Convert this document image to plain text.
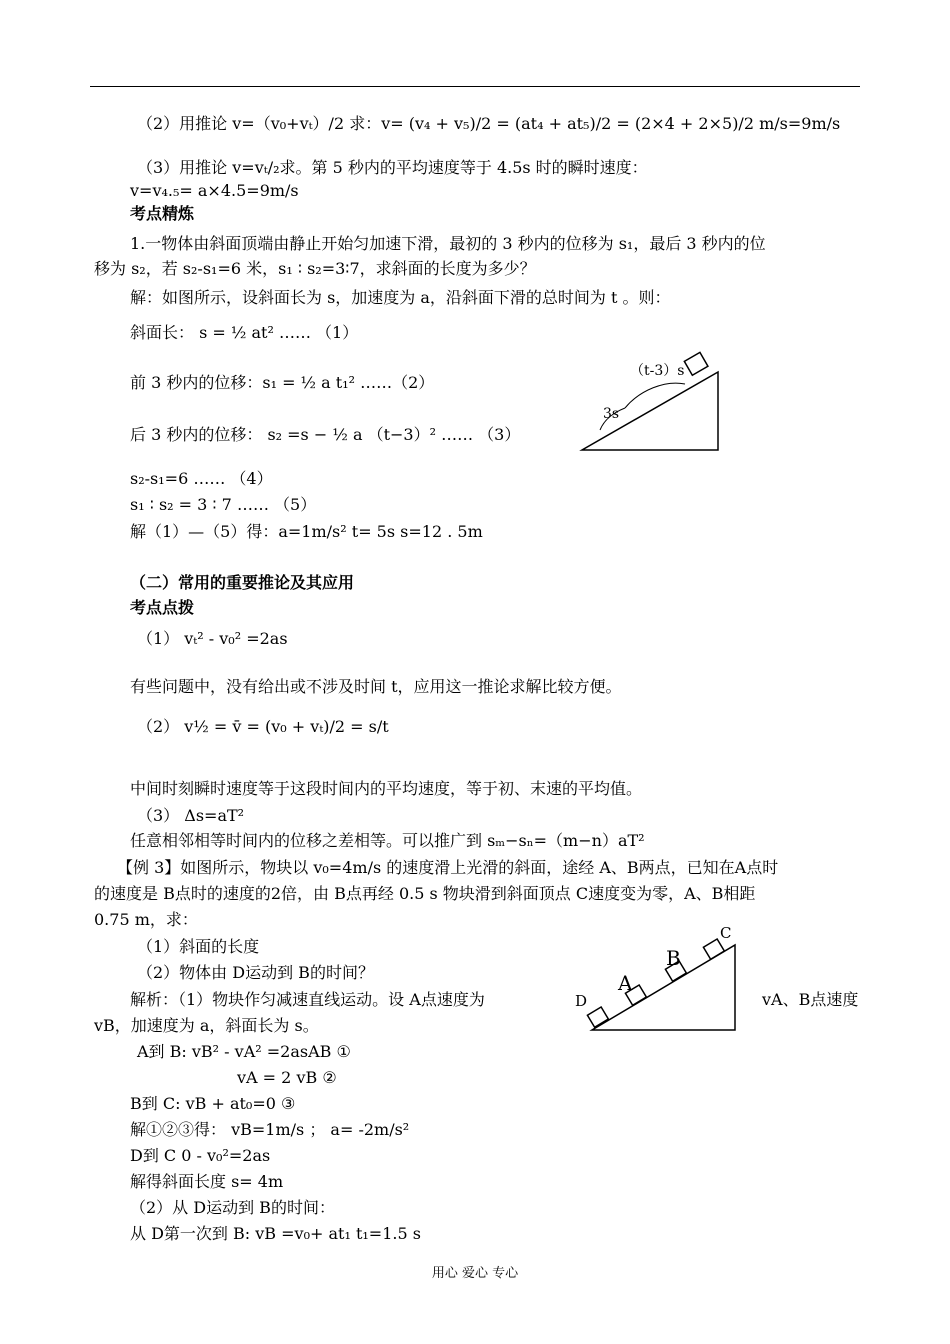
（2）用推论 v=（v₀+vₜ）/2 求：v= (v₄ + v₅)/2 = (at₄ + at₅)/2 = (2×4 + 2×5)/2 m/s=9m/s
（3）用推论 v=vₜ/₂求。第 5 秒内的平均速度等于 4.5s 时的瞬时速度：
v=v₄.₅= a×4.5=9m/s
考点精炼
1.一物体由斜面顶端由静止开始匀加速下滑，最初的 3 秒内的位移为 s₁，最后 3 秒内的位
移为 s₂，若 s₂-s₁=6 米，s₁ ∶ s₂=3∶7，求斜面的长度为多少？
解：如图所示，设斜面长为 s，加速度为 a，沿斜面下滑的总时间为 t 。则：
斜面长： s = ½ at² …… （1）
前 3 秒内的位移：s₁ = ½ a t₁² ……（2）
后 3 秒内的位移： s₂ =s − ½ a （t−3）² …… （3）
s₂-s₁=6 …… （4）
s₁ ∶ s₂ = 3 ∶ 7 …… （5）
解（1）—（5）得：a=1m/s² t= 5s s=12 . 5m
（二）常用的重要推论及其应用
考点点拨
（1） vₜ² - v₀² =2as
有些问题中，没有给出或不涉及时间 t，应用这一推论求解比较方便。
（2） v½ = v̄ = (v₀ + vₜ)/2 = s/t
中间时刻瞬时速度等于这段时间内的平均速度，等于初、末速的平均值。
（3） Δs=aT²
任意相邻相等时间内的位移之差相等。可以推广到 sₘ−sₙ=（m−n）aT²
【例 3】如图所示，物块以 v₀=4m/s 的速度滑上光滑的斜面，途经 A、B两点，已知在A点时
的速度是 B点时的速度的2倍，由 B点再经 0.5 s 物块滑到斜面顶点 C速度变为零，A、B相距
0.75 m，求：
（1）斜面的长度
（2）物体由 D运动到 B的时间？
解析：（1）物块作匀减速直线运动。设 A点速度为	vA、B点速度
vB，加速度为 a，斜面长为 s。
A到 B: vB² - vA² =2asAB ①
vA = 2 vB ②
B到 C: vB + at₀=0 ③
解①②③得： vB=1m/s ； a= -2m/s²
D到 C 0 - v₀²=2as
解得斜面长度 s= 4m
（2）从 D运动到 B的时间：
从 D第一次到 B: vB =v₀+ at₁ t₁=1.5 s
（t-3）s
3s
D
A
B
C
用心 爱心 专心
